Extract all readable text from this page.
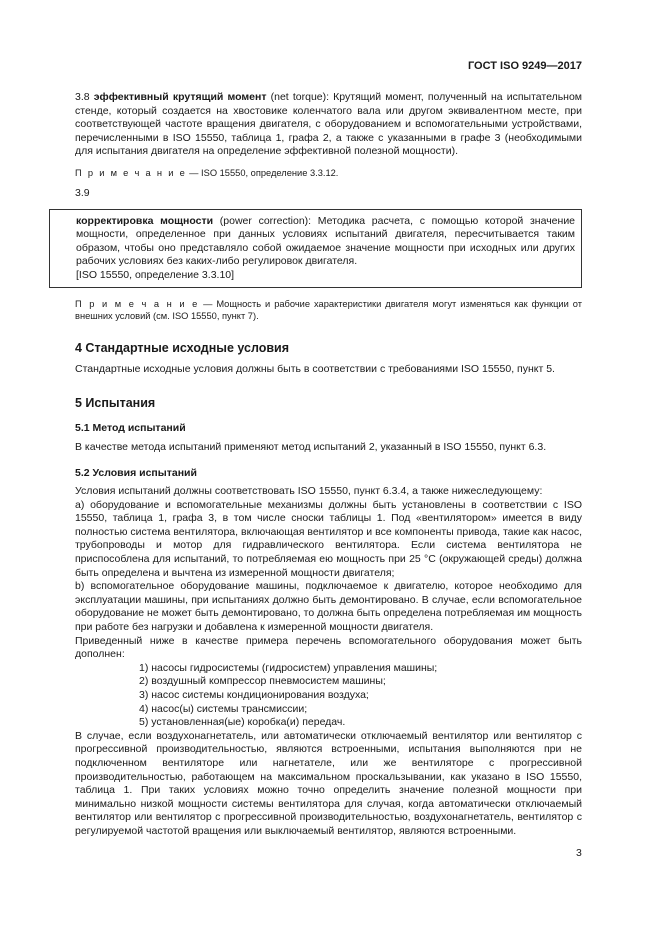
ГОСТ ISO 9249—2017

3.8 эффективный крутящий момент (net torque): Крутящий момент, полученный на испытательном стенде, который создается на хвостовике коленчатого вала или другом эквивалентном месте, при соответствующей частоте вращения двигателя, с оборудованием и вспомогательными устройствами, перечисленными в ISO 15550, таблица 1, графа 2, а также с указанными в графе 3 (необходимыми для испытания двигателя на определение эффективной полезной мощности).

П р и м е ч а н и е — ISO 15550, определение 3.3.12.

3.9

корректировка мощности (power correction): Методика расчета, с помощью которой значение мощности, определенное при данных условиях испытаний двигателя, пересчитывается таким образом, чтобы оно представляло собой ожидаемое значение мощности при исходных или других рабочих условиях без каких-либо регулировок двигателя.

[ISO 15550, определение 3.3.10]

П р и м е ч а н и е — Мощность и рабочие характеристики двигателя могут изменяться как функции от внешних условий (см. ISO 15550, пункт 7).

4 Стандартные исходные условия

Стандартные исходные условия должны быть в соответствии с требованиями ISO 15550, пункт 5.

5 Испытания
5.1 Метод испытаний

В качестве метода испытаний применяют метод испытаний 2, указанный в ISO 15550, пункт 6.3.

5.2 Условия испытаний

Условия испытаний должны соответствовать ISO 15550, пункт 6.3.4, а также нижеследующему:

a) оборудование и вспомогательные механизмы должны быть установлены в соответствии с ISO 15550, таблица 1, графа 3, в том числе сноски таблицы 1. Под «вентилятором» имеется в виду полностью система вентилятора, включающая вентилятор и все компоненты привода, такие как насос, трубопроводы и мотор для гидравлического вентилятора. Если система вентилятора не приспособлена для испытаний, то потребляемая ею мощность при 25 °С (окружающей среды) должна быть определена и вычтена из измеренной мощности двигателя;

b) вспомогательное оборудование машины, подключаемое к двигателю, которое необходимо для эксплуатации машины, при испытаниях должно быть демонтировано. В случае, если вспомогательное оборудование не может быть демонтировано, то должна быть определена потребляемая им мощность при работе без нагрузки и добавлена к измеренной мощности двигателя.

Приведенный ниже в качестве примера перечень вспомогательного оборудования может быть дополнен:

1) насосы гидросистемы (гидросистем) управления машины;

2) воздушный компрессор пневмосистем машины;

3) насос системы кондиционирования воздуха;

4) насос(ы) системы трансмиссии;

5) установленная(ые) коробка(и) передач.

В случае, если воздухонагнетатель, или автоматически отключаемый вентилятор или вентилятор с прогрессивной производительностью, являются встроенными, испытания выполняются при не подключенном вентиляторе или нагнетателе, или же вентиляторе с прогрессивной производительностью, работающем на максимальном проскальзывании, как указано в ISO 15550, таблица 1. При таких условиях можно точно определить значение полезной мощности при минимально низкой мощности системы вентилятора для случая, когда автоматически отключаемый вентилятор или вентилятор с прогрессивной производительностью, воздухонагнетатель, вентилятор с регулируемой частотой вращения или выключаемый вентилятор, являются встроенными.

3
